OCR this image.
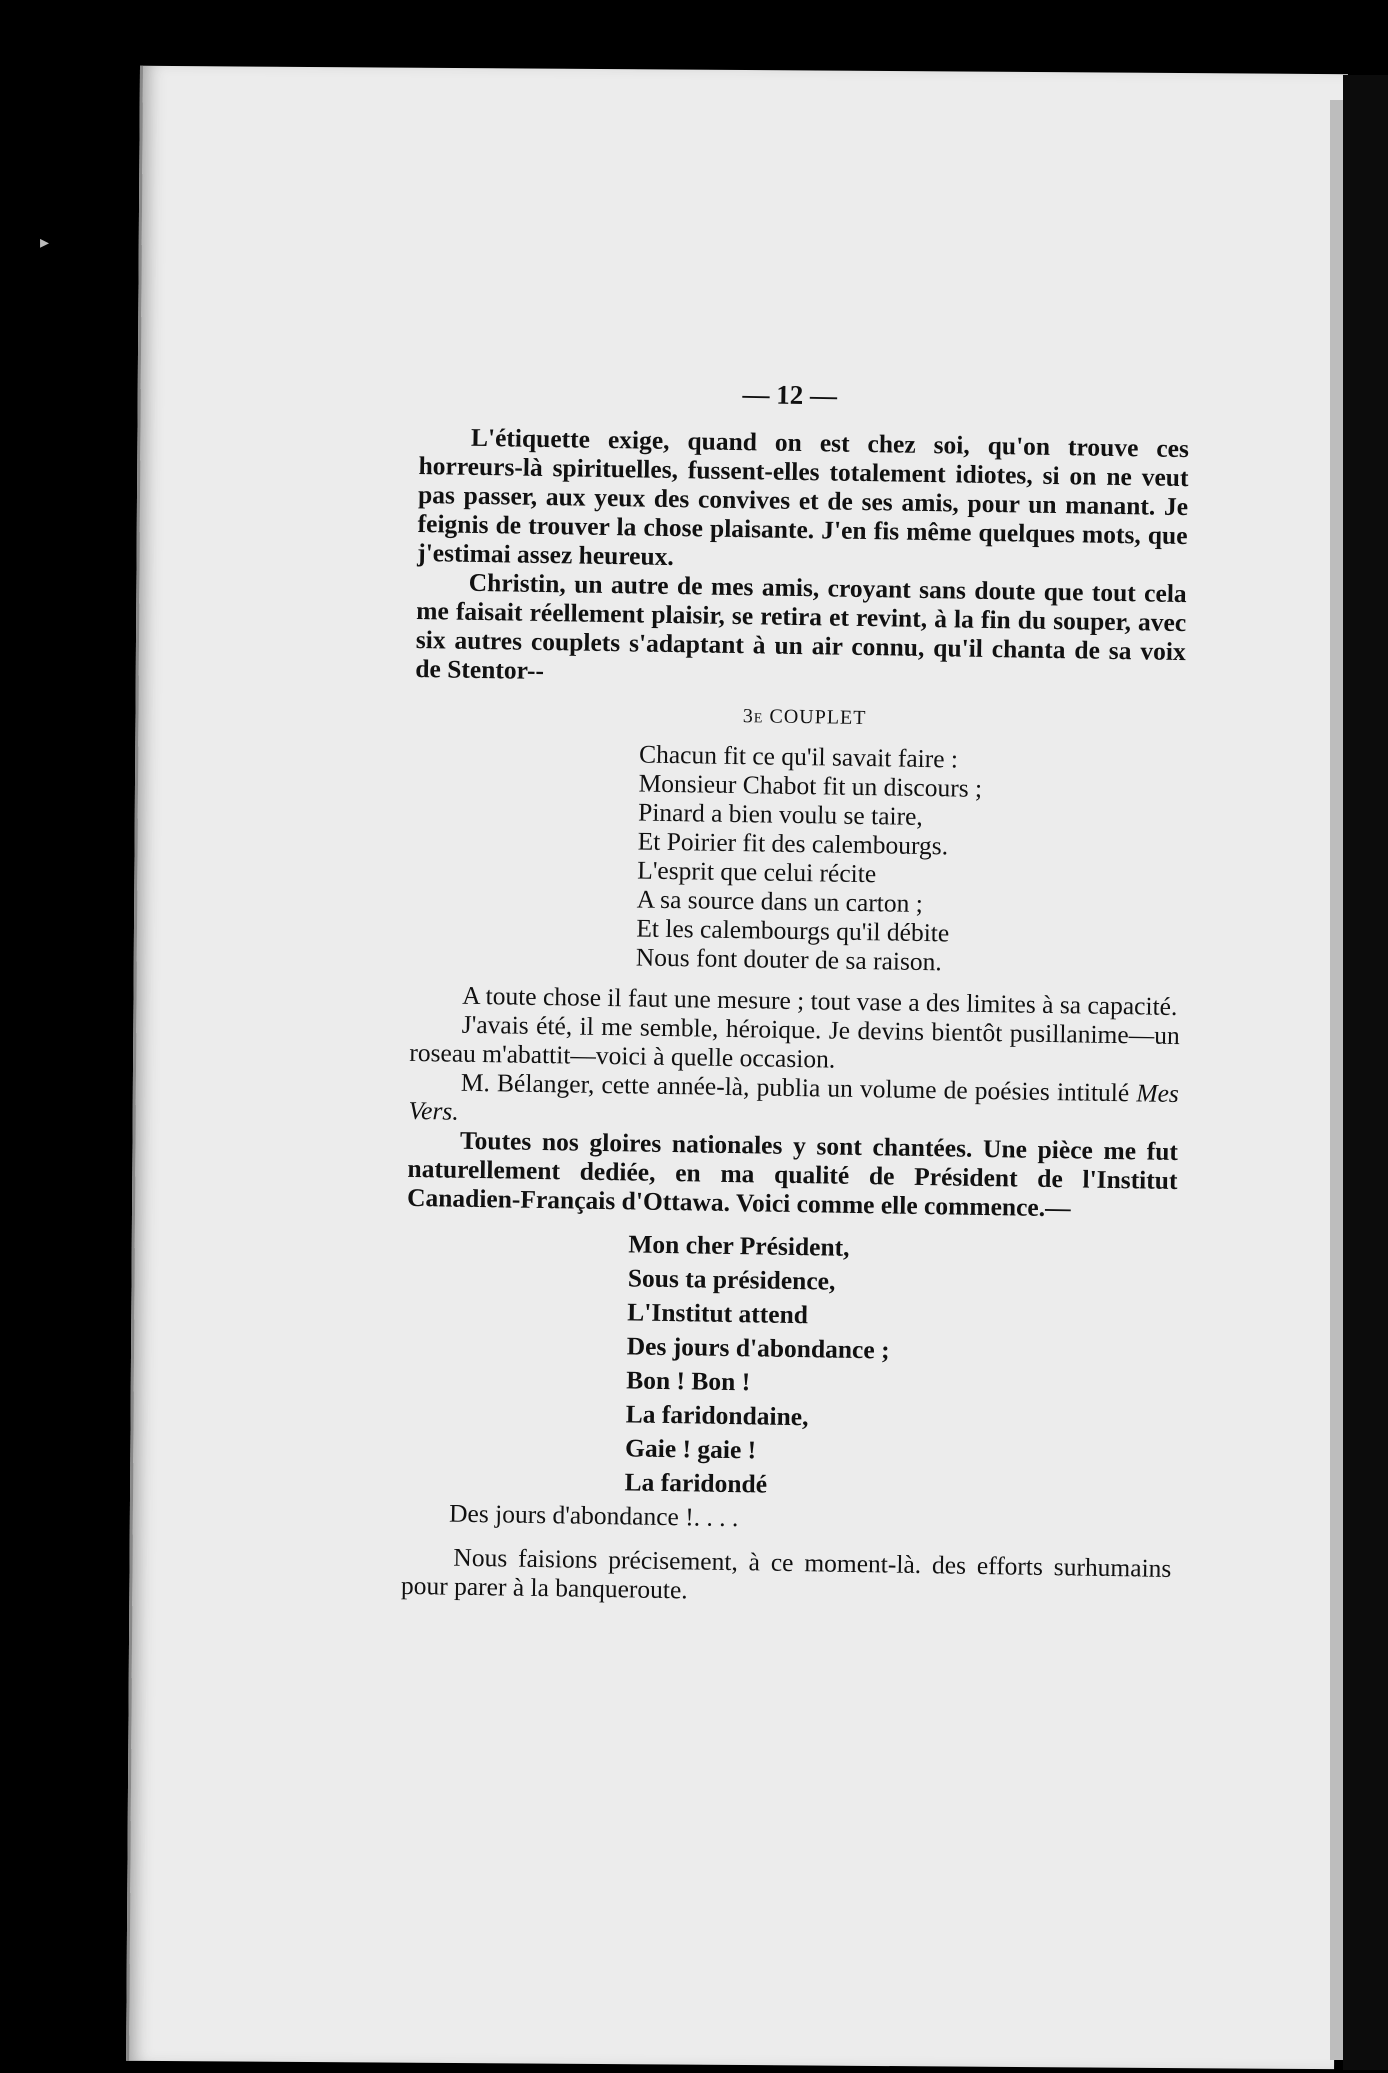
▸
— 12 —

L'étiquette exige, quand on est chez soi, qu'on trouve ces horreurs-là spirituelles, fussent-elles totalement idiotes, si on ne veut pas passer, aux yeux des convives et de ses amis, pour un manant. Je feignis de trouver la chose plaisante. J'en fis même quelques mots, que j'estimai assez heureux.

Christin, un autre de mes amis, croyant sans doute que tout cela me faisait réellement plaisir, se retira et revint, à la fin du souper, avec six autres couplets s'adaptant à un air connu, qu'il chanta de sa voix de Stentor--

3e COUPLET
Chacun fit ce qu'il savait faire :
Monsieur Chabot fit un discours ;
Pinard a bien voulu se taire,
Et Poirier fit des calembourgs.
L'esprit que celui récite
A sa source dans un carton ;
Et les calembourgs qu'il débite
Nous font douter de sa raison.

A toute chose il faut une mesure ; tout vase a des limites à sa capacité.

J'avais été, il me semble, héroique. Je devins bientôt pusillanime—un roseau m'abattit—voici à quelle occasion.

M. Bélanger, cette année-là, publia un volume de poésies intitulé Mes Vers.

Toutes nos gloires nationales y sont chantées. Une pièce me fut naturellement dediée, en ma qualité de Président de l'Institut Canadien-Français d'Ottawa. Voici comme elle commence.—

Mon cher Président,
Sous ta présidence,
L'Institut attend
Des jours d'abondance ;
Bon ! Bon !
La faridondaine,
Gaie ! gaie !
La faridondé
Des jours d'abondance !. . . .

Nous faisions précisement, à ce moment-là. des efforts surhumains pour parer à la banqueroute.
